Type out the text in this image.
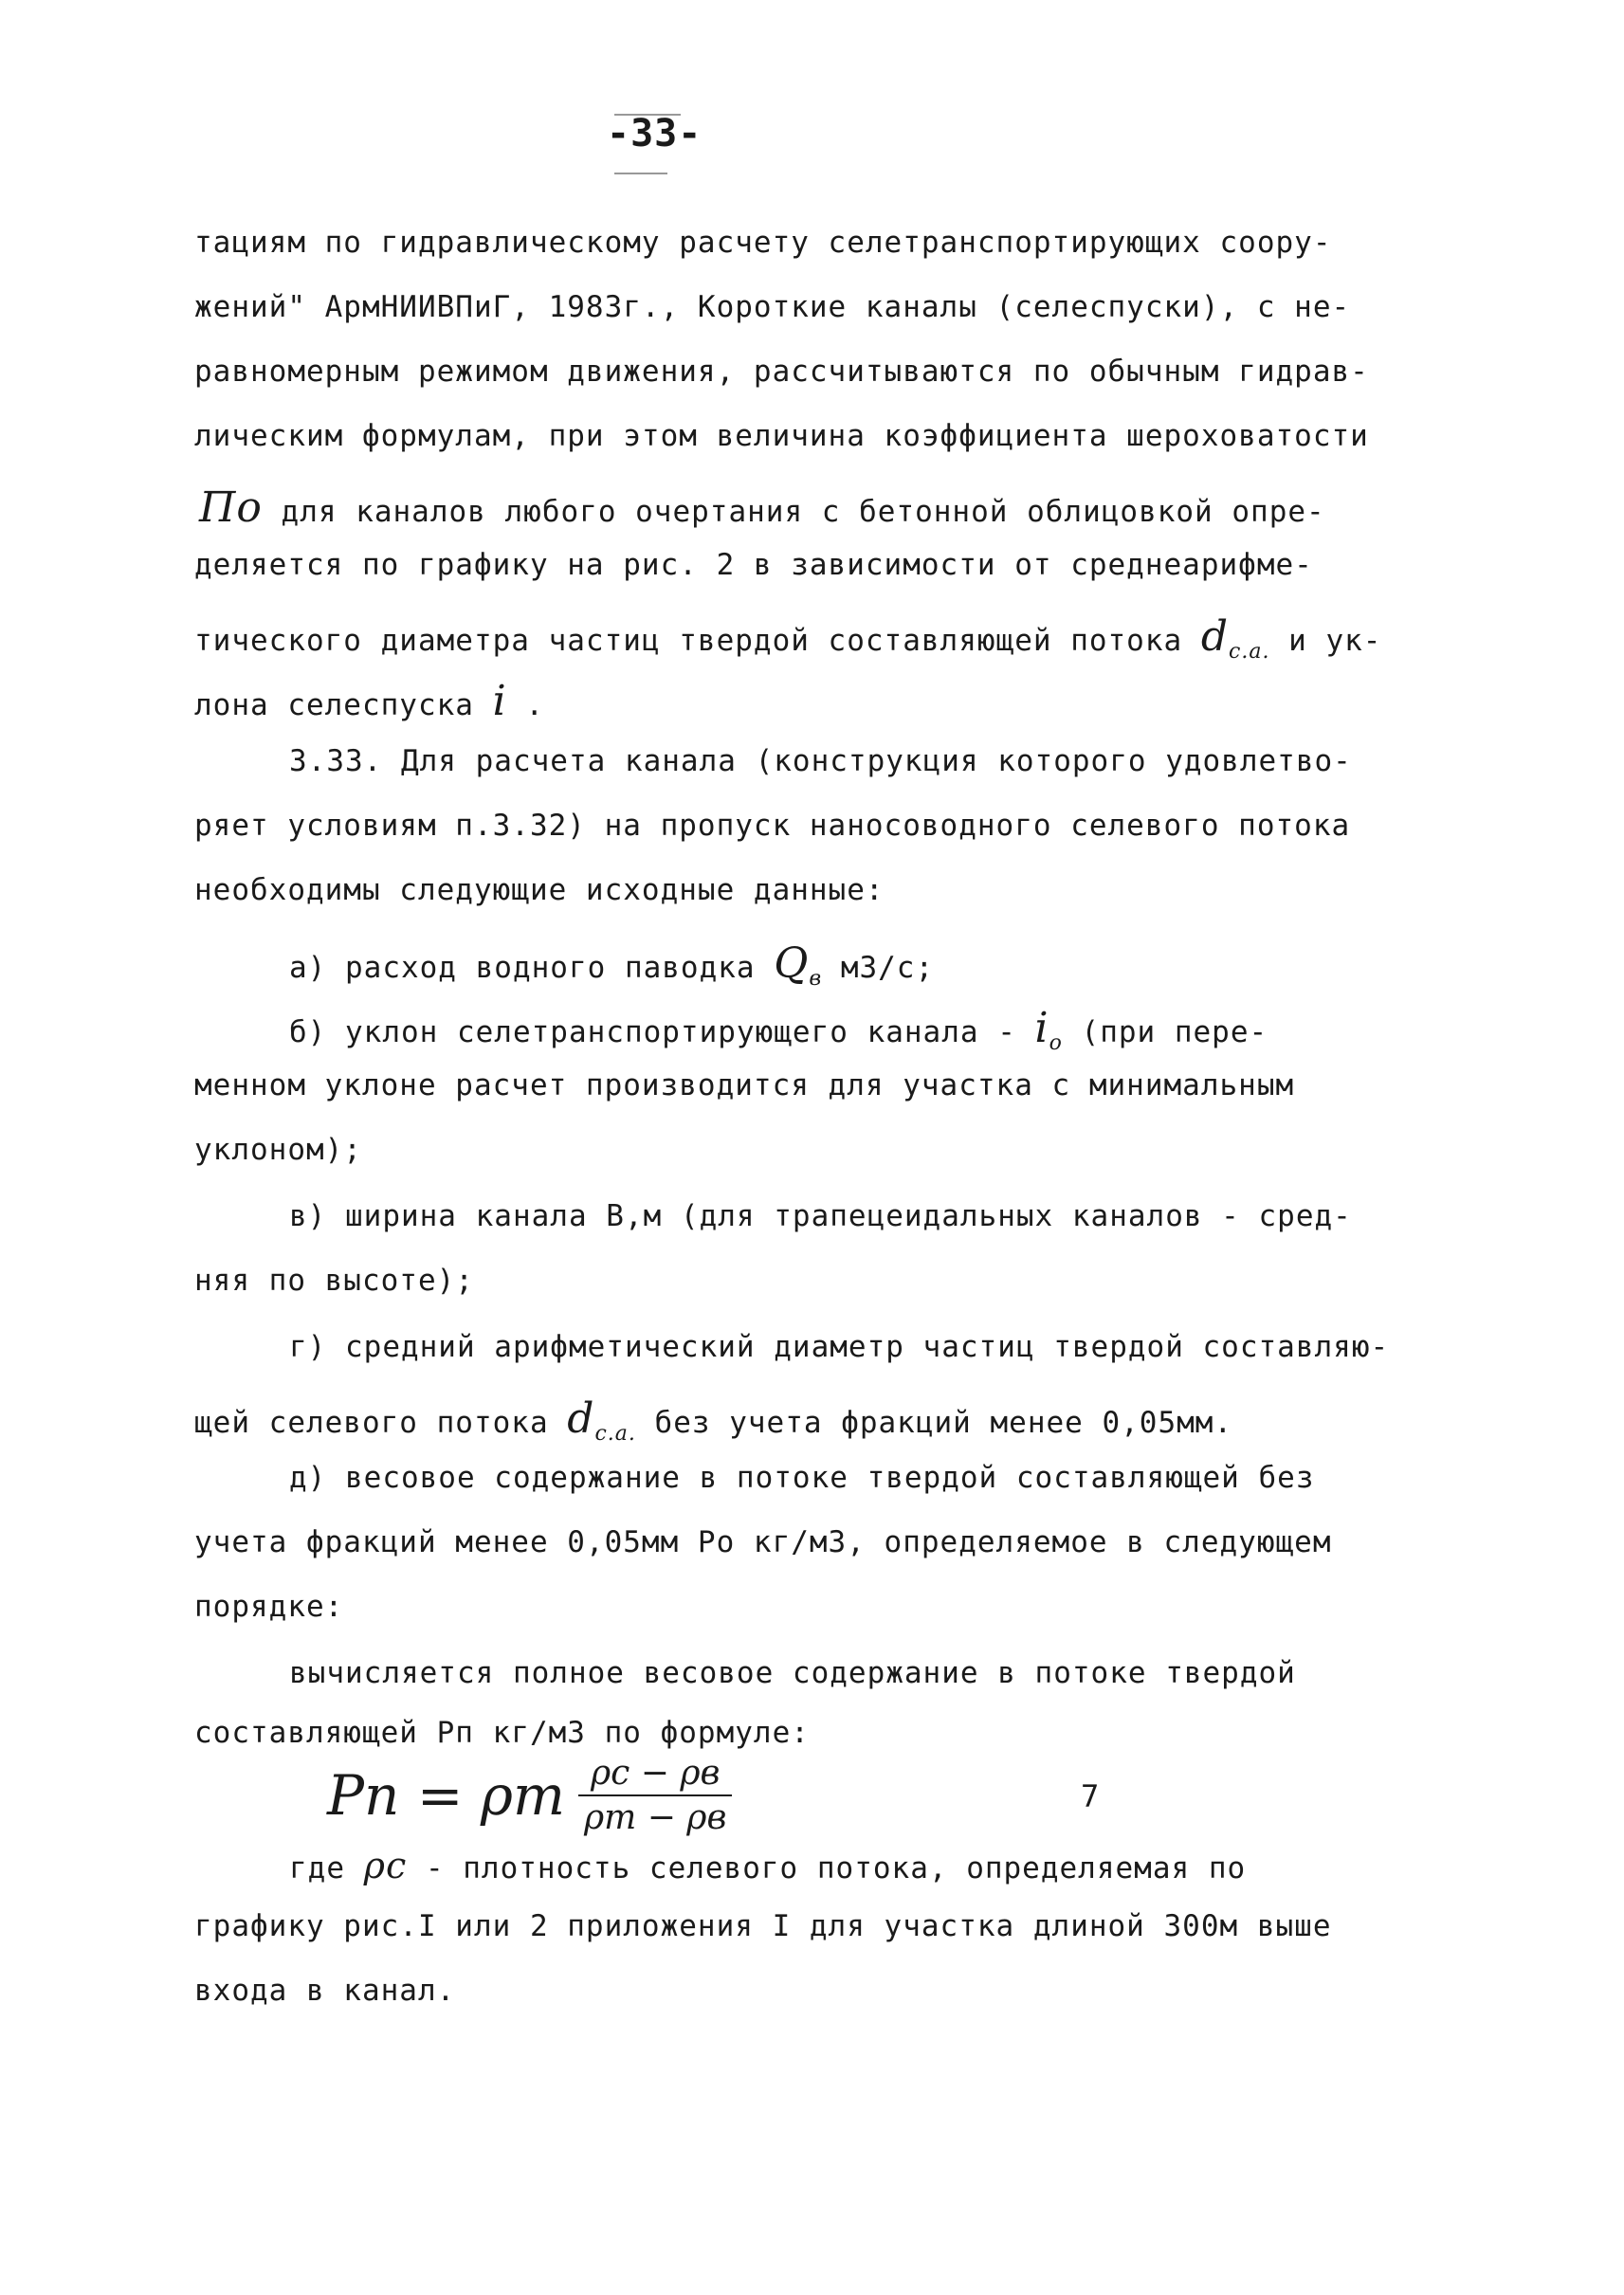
-33-
тациям по гидравлическому расчету селетранспортирующих соору-
жений" АрмНИИВПиГ, 1983г., Короткие каналы (селеспуски), с не-
равномерным режимом движения, рассчитываются по обычным гидрав-
лическим формулам, при этом величина коэффициента шероховатости
По для каналов любого очертания с бетонной облицовкой опре-
деляется по графику на рис. 2 в зависимости от среднеарифме-
тического диаметра частиц твердой составляющей потока $d_{с.а.}$ и ук-
лона селеспуска i .
3.33. Для расчета канала (конструкция которого удовлетво-
ряет условиям п.3.32) на пропуск наносоводного селевого потока
необходимы следующие исходные данные:
а) расход водного паводка $Q_в$ м3/с;
б) уклон селетранспортирующего канала - $i_о$ (при пере-
менном уклоне расчет производится для участка с минимальным
уклоном);
в) ширина канала В,м (для трапецеидальных каналов - сред-
няя по высоте);
г) средний арифметический диаметр частиц твердой составляю-
щей селевого потока $d_{с.а.}$ без учета фракций менее 0,05мм.
д) весовое содержание в потоке твердой составляющей без
учета фракций менее 0,05мм Ро кг/м3, определяемое в следующем
порядке:
вычисляется полное весовое содержание в потоке твердой
составляющей Рп кг/м3 по формуле:
Pп = ρт $\frac{\rho с - \rho в}{\rho т - \rho в}$	7
где ρс - плотность селевого потока, определяемая по
графику рис.I или 2 приложения I для участка длиной 300м выше
входа в канал.
